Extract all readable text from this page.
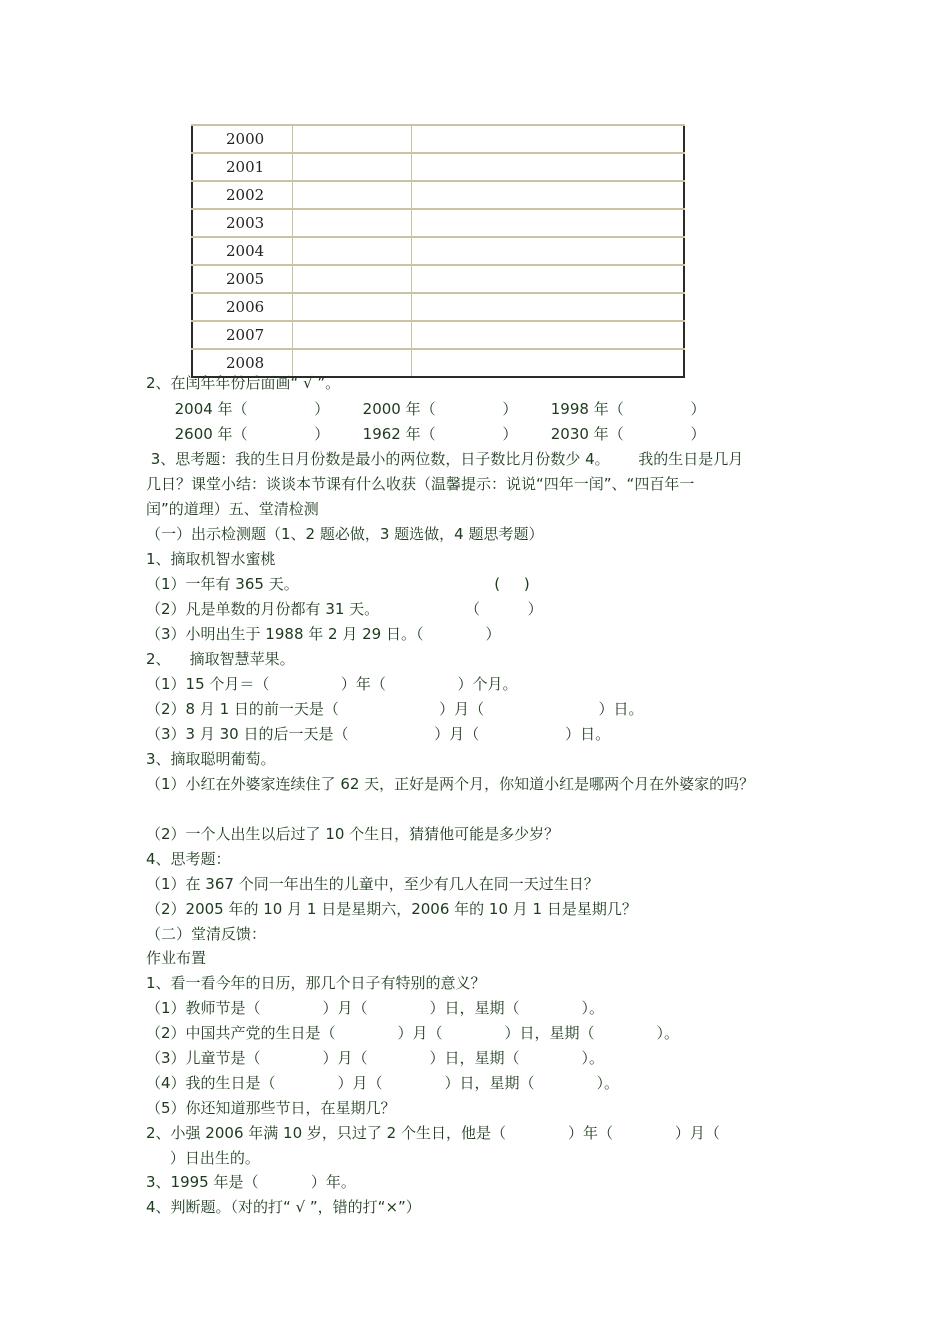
2000		
2001		
2002		
2003		
2004		
2005		
2006		
2007		
2008		
2、在闰年年份后面画“ √ ”。
2004 年（              ）       2000 年（              ）       1998 年（              ）
2600 年（              ）       1962 年（              ）       2030 年（              ）
3、思考题：我的生日月份数是最小的两位数，日子数比月份数少 4。      我的生日是几月
几日？课堂小结：谈谈本节课有什么收获（温馨提示：说说“四年一闰”、“四百年一
闰”的道理）五、堂清检测
（一）出示检测题（1、2 题必做，3 题选做，4 题思考题）
1、摘取机智水蜜桃
（1）一年有 365 天。                                         (     )
（2）凡是单数的月份都有 31 天。                  （          ）
（3）小明出生于 1988 年 2 月 29 日。（             ）
2、    摘取智慧苹果。
（1）15 个月＝（               ）年（               ）个月。
（2）8 月 1 日的前一天是（                     ）月（                        ）日。
（3）3 月 30 日的后一天是（                  ）月（                  ）日。
3、摘取聪明葡萄。
（1）小红在外婆家连续住了 62 天，正好是两个月，你知道小红是哪两个月在外婆家的吗？
（2）一个人出生以后过了 10 个生日，猜猜他可能是多少岁？
4、思考题：
（1）在 367 个同一年出生的儿童中，至少有几人在同一天过生日？
（2）2005 年的 10 月 1 日是星期六，2006 年的 10 月 1 日是星期几？
（二）堂清反馈：
作业布置
1、看一看今年的日历，那几个日子有特别的意义？
（1）教师节是（             ）月（             ）日，星期（             ）。
（2）中国共产党的生日是（             ）月（             ）日，星期（             ）。
（3）儿童节是（             ）月（             ）日，星期（             ）。
（4）我的生日是（             ）月（             ）日，星期（             ）。
（5）你还知道那些节日，在星期几？
2、小强 2006 年满 10 岁，只过了 2 个生日，他是（             ）年（             ）月（
）日出生的。
3、1995 年是（           ）年。
4、判断题。（对的打“ √ ”，错的打“×”）
